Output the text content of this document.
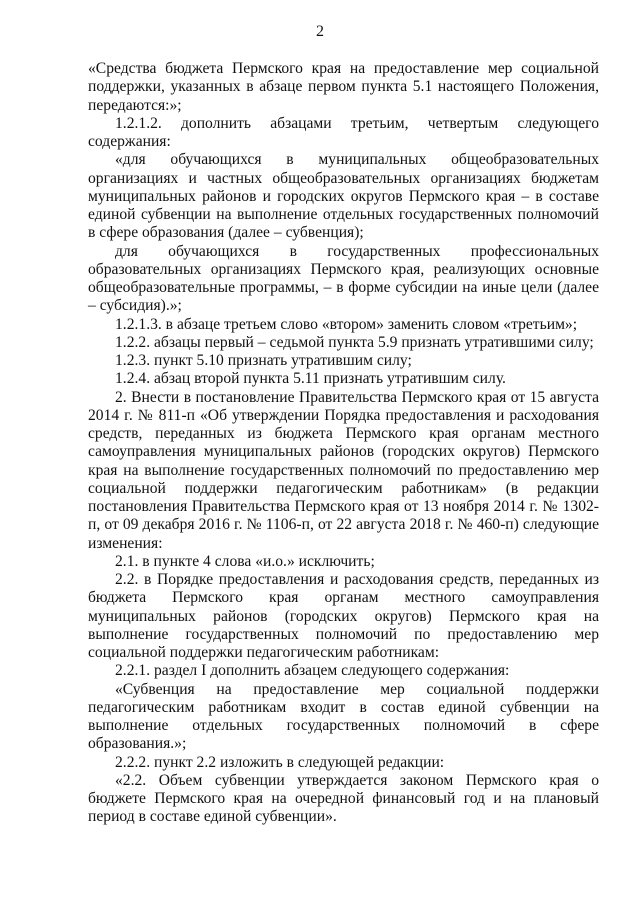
2

«Средства бюджета Пермского края на предоставление мер социальной поддержки, указанных в абзаце первом пункта 5.1 настоящего Положения, передаются:»;

1.2.1.2. дополнить абзацами третьим, четвертым следующего содержания:

«для обучающихся в муниципальных общеобразовательных организациях и частных общеобразовательных организациях бюджетам муниципальных районов и городских округов Пермского края – в составе единой субвенции на выполнение отдельных государственных полномочий в сфере образования (далее – субвенция);

для обучающихся в государственных профессиональных образовательных организациях Пермского края, реализующих основные общеобразовательные программы, – в форме субсидии на иные цели (далее – субсидия).»;

1.2.1.3. в абзаце третьем слово «втором» заменить словом «третьим»;

1.2.2. абзацы первый – седьмой пункта 5.9 признать утратившими силу;

1.2.3. пункт 5.10 признать утратившим силу;

1.2.4. абзац второй пункта 5.11 признать утратившим силу.

2. Внести в постановление Правительства Пермского края от 15 августа 2014 г. № 811-п «Об утверждении Порядка предоставления и расходования средств, переданных из бюджета Пермского края органам местного самоуправления муниципальных районов (городских округов) Пермского края на выполнение государственных полномочий по предоставлению мер социальной поддержки педагогическим работникам» (в редакции постановления Правительства Пермского края от 13 ноября 2014 г. № 1302-п, от 09 декабря 2016 г. № 1106-п, от 22 августа 2018 г. № 460-п) следующие изменения:

2.1. в пункте 4 слова «и.о.» исключить;

2.2. в Порядке предоставления и расходования средств, переданных из бюджета Пермского края органам местного самоуправления муниципальных районов (городских округов) Пермского края на выполнение государственных полномочий по предоставлению мер социальной поддержки педагогическим работникам:

2.2.1. раздел I дополнить абзацем следующего содержания:

«Субвенция на предоставление мер социальной поддержки педагогическим работникам входит в состав единой субвенции на выполнение отдельных государственных полномочий в сфере образования.»;

2.2.2. пункт 2.2 изложить в следующей редакции:

«2.2. Объем субвенции утверждается законом Пермского края о бюджете Пермского края на очередной финансовый год и на плановый период в составе единой субвенции».
